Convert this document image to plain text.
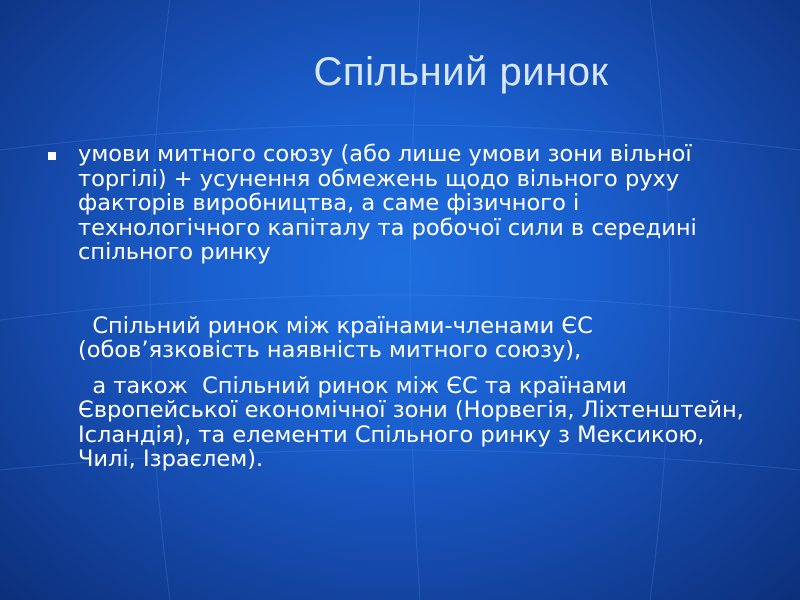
Спільний ринок
умови митного союзу (або лише умови зони вільної торгілі) + усунення обмежень щодо вільного руху факторів виробництва, а саме фізичного і технологічного капіталу та робочої сили в середині спільного ринку
Спільний ринок між країнами-членами ЄС (обов’язковість наявність митного союзу),
а також  Спільний ринок між ЄС та країнами Європейської економічної зони (Норвегія, Ліхтенштейн, Ісландія), та елементи Спільного ринку з Мексикою, Чилі, Ізраєлем).
